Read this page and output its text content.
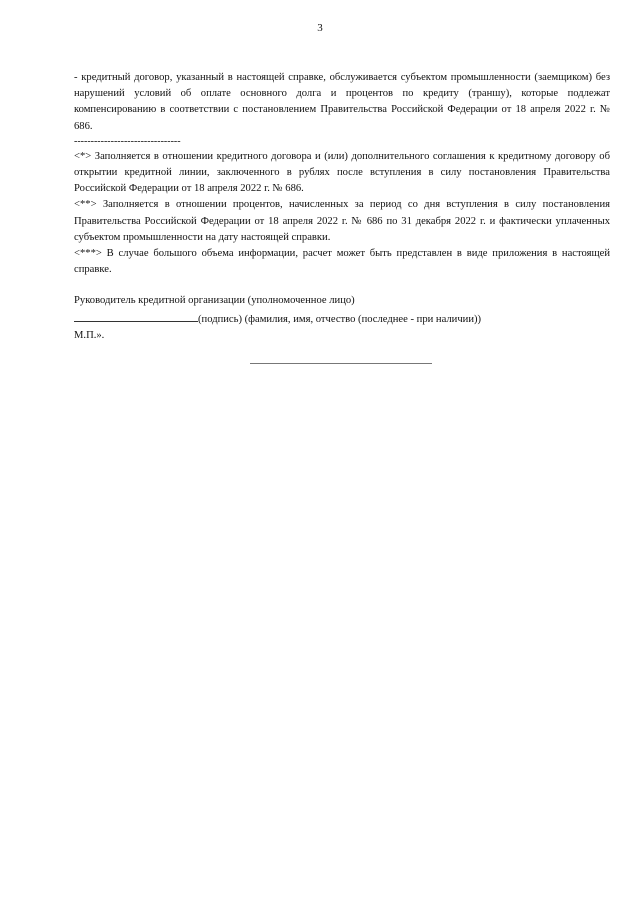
3

- кредитный договор, указанный в настоящей справке, обслуживается субъектом промышленности (заемщиком) без нарушений условий об оплате основного долга и процентов по кредиту (траншу), которые подлежат компенсированию в соответствии с постановлением Правительства Российской Федерации от 18 апреля 2022 г. № 686.

--------------------------------

<*> Заполняется в отношении кредитного договора и (или) дополнительного соглашения к кредитному договору об открытии кредитной линии, заключенного в рублях после вступления в силу постановления Правительства Российской Федерации от 18 апреля 2022 г. № 686.

<**> Заполняется в отношении процентов, начисленных за период со дня вступления в силу постановления Правительства Российской Федерации от 18 апреля 2022 г. № 686 по 31 декабря 2022 г. и фактически уплаченных субъектом промышленности на дату настоящей справки.

<***> В случае большого объема информации, расчет может быть представлен в виде приложения в настоящей справке.

Руководитель кредитной организации (уполномоченное лицо)

(подпись) (фамилия, имя, отчество (последнее - при наличии))

М.П.».
